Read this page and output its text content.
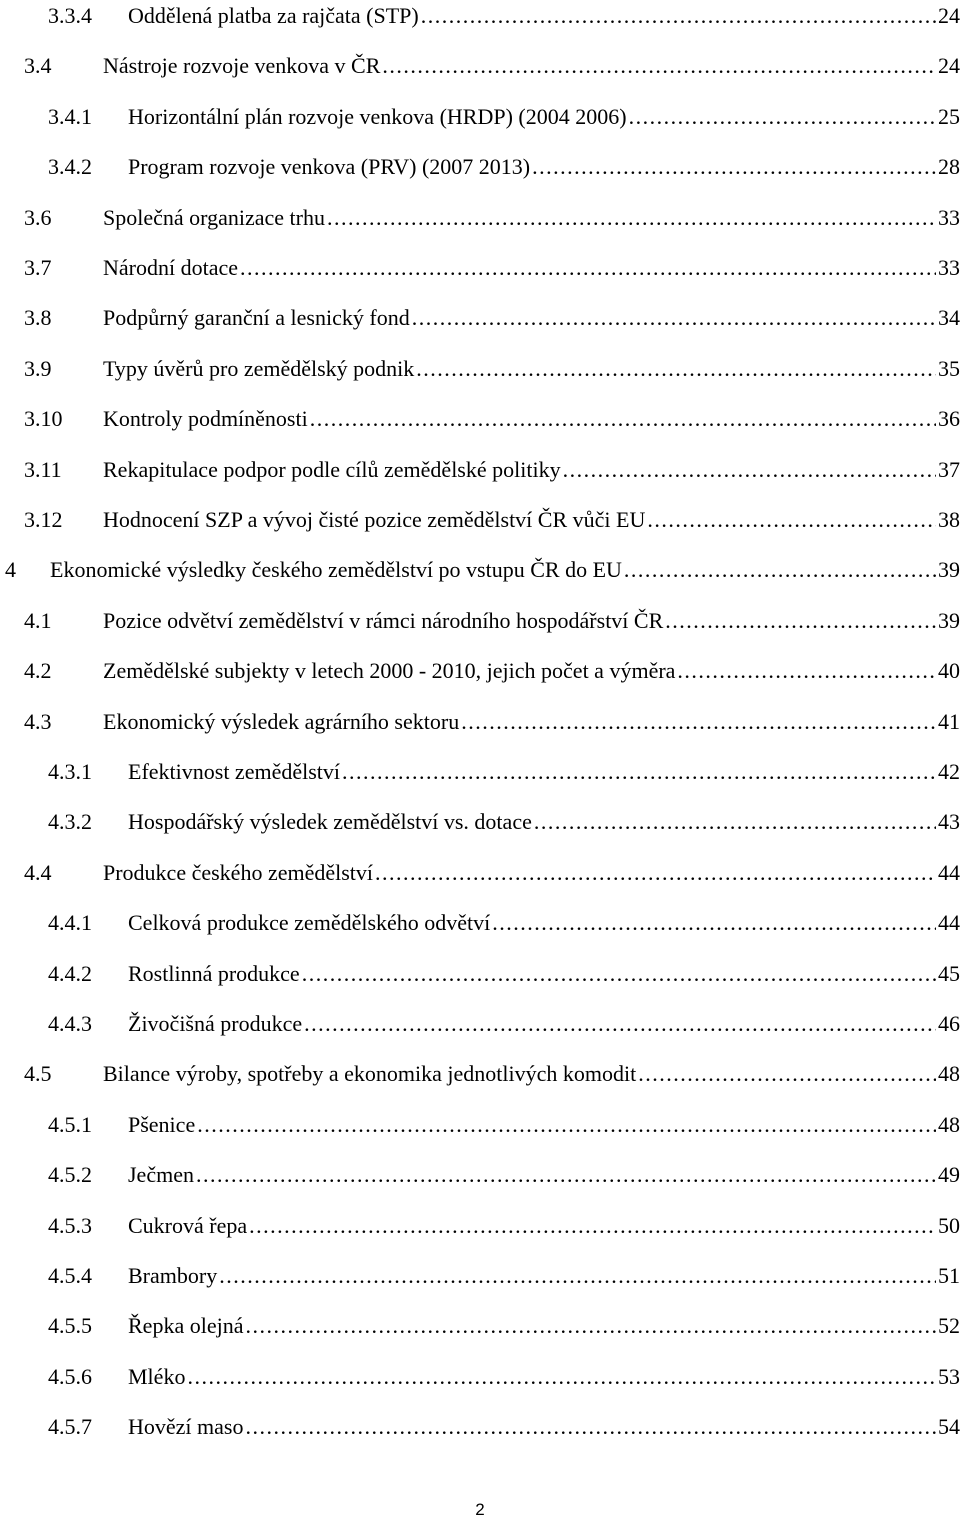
3.3.4	Oddělená platba za rajčata (STP) . . .	24
3.4	Nástroje rozvoje venkova v ČR . . .	24
3.4.1	Horizontální plán rozvoje venkova (HRDP) (2004 2006) . . .	25
3.4.2	Program rozvoje venkova (PRV) (2007 2013) . . .	28
3.6	Společná organizace trhu . . .	33
3.7	Národní dotace . . .	33
3.8	Podpůrný garanční a lesnický fond . . .	34
3.9	Typy úvěrů pro zemědělský podnik . . .	35
3.10	Kontroly podmíněnosti . . .	36
3.11	Rekapitulace podpor podle cílů zemědělské politiky . . .	37
3.12	Hodnocení SZP a vývoj čisté pozice zemědělství ČR vůči EU . . .	38
4	Ekonomické výsledky českého zemědělství po vstupu ČR do EU . . .	39
4.1	Pozice odvětví zemědělství v rámci národního hospodářství ČR . . .	39
4.2	Zemědělské subjekty v letech 2000 - 2010, jejich počet a výměra . . .	40
4.3	Ekonomický výsledek agrárního sektoru . . .	41
4.3.1	Efektivnost zemědělství . . .	42
4.3.2	Hospodářský výsledek zemědělství vs. dotace . . .	43
4.4	Produkce českého zemědělství . . .	44
4.4.1	Celková produkce zemědělského odvětví . . .	44
4.4.2	Rostlinná produkce . . .	45
4.4.3	Živočišná produkce . . .	46
4.5	Bilance výroby, spotřeby a ekonomika jednotlivých komodit . . .	48
4.5.1	Pšenice . . .	48
4.5.2	Ječmen . . .	49
4.5.3	Cukrová řepa . . .	50
4.5.4	Brambory . . .	51
4.5.5	Řepka olejná . . .	52
4.5.6	Mléko . . .	53
4.5.7	Hovězí maso . . .	54
2
